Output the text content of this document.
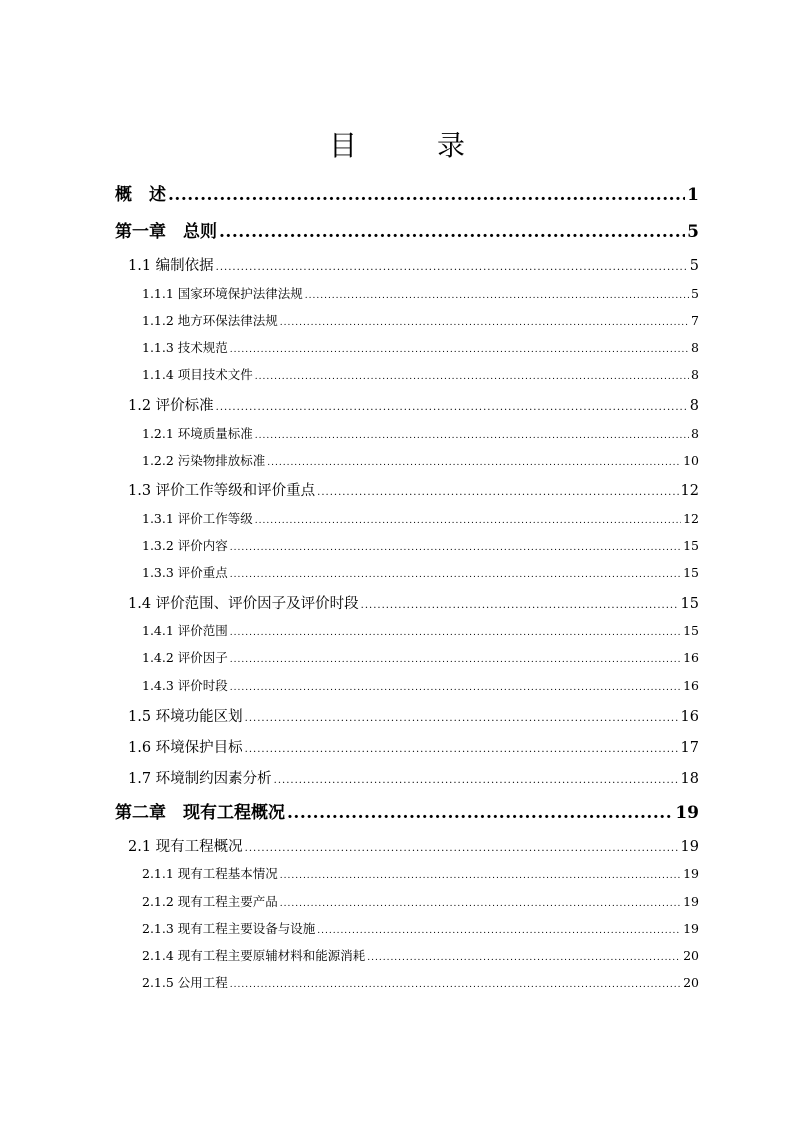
目　录
概　述 .....	1
第一章　总则 .....	5
1.1 编制依据 .....	5
1.1.1 国家环境保护法律法规 .....	5
1.1.2 地方环保法律法规 .....	7
1.1.3 技术规范 .....	8
1.1.4 项目技术文件 .....	8
1.2 评价标准 .....	8
1.2.1 环境质量标准 .....	8
1.2.2 污染物排放标准 .....	10
1.3 评价工作等级和评价重点 .....	12
1.3.1 评价工作等级 .....	12
1.3.2 评价内容 .....	15
1.3.3 评价重点 .....	15
1.4 评价范围、评价因子及评价时段 .....	15
1.4.1 评价范围 .....	15
1.4.2 评价因子 .....	16
1.4.3 评价时段 .....	16
1.5 环境功能区划 .....	16
1.6 环境保护目标 .....	17
1.7 环境制约因素分析 .....	18
第二章　现有工程概况 .....	19
2.1 现有工程概况 .....	19
2.1.1 现有工程基本情况 .....	19
2.1.2 现有工程主要产品 .....	19
2.1.3 现有工程主要设备与设施 .....	19
2.1.4 现有工程主要原辅材料和能源消耗 .....	20
2.1.5 公用工程 .....	20
